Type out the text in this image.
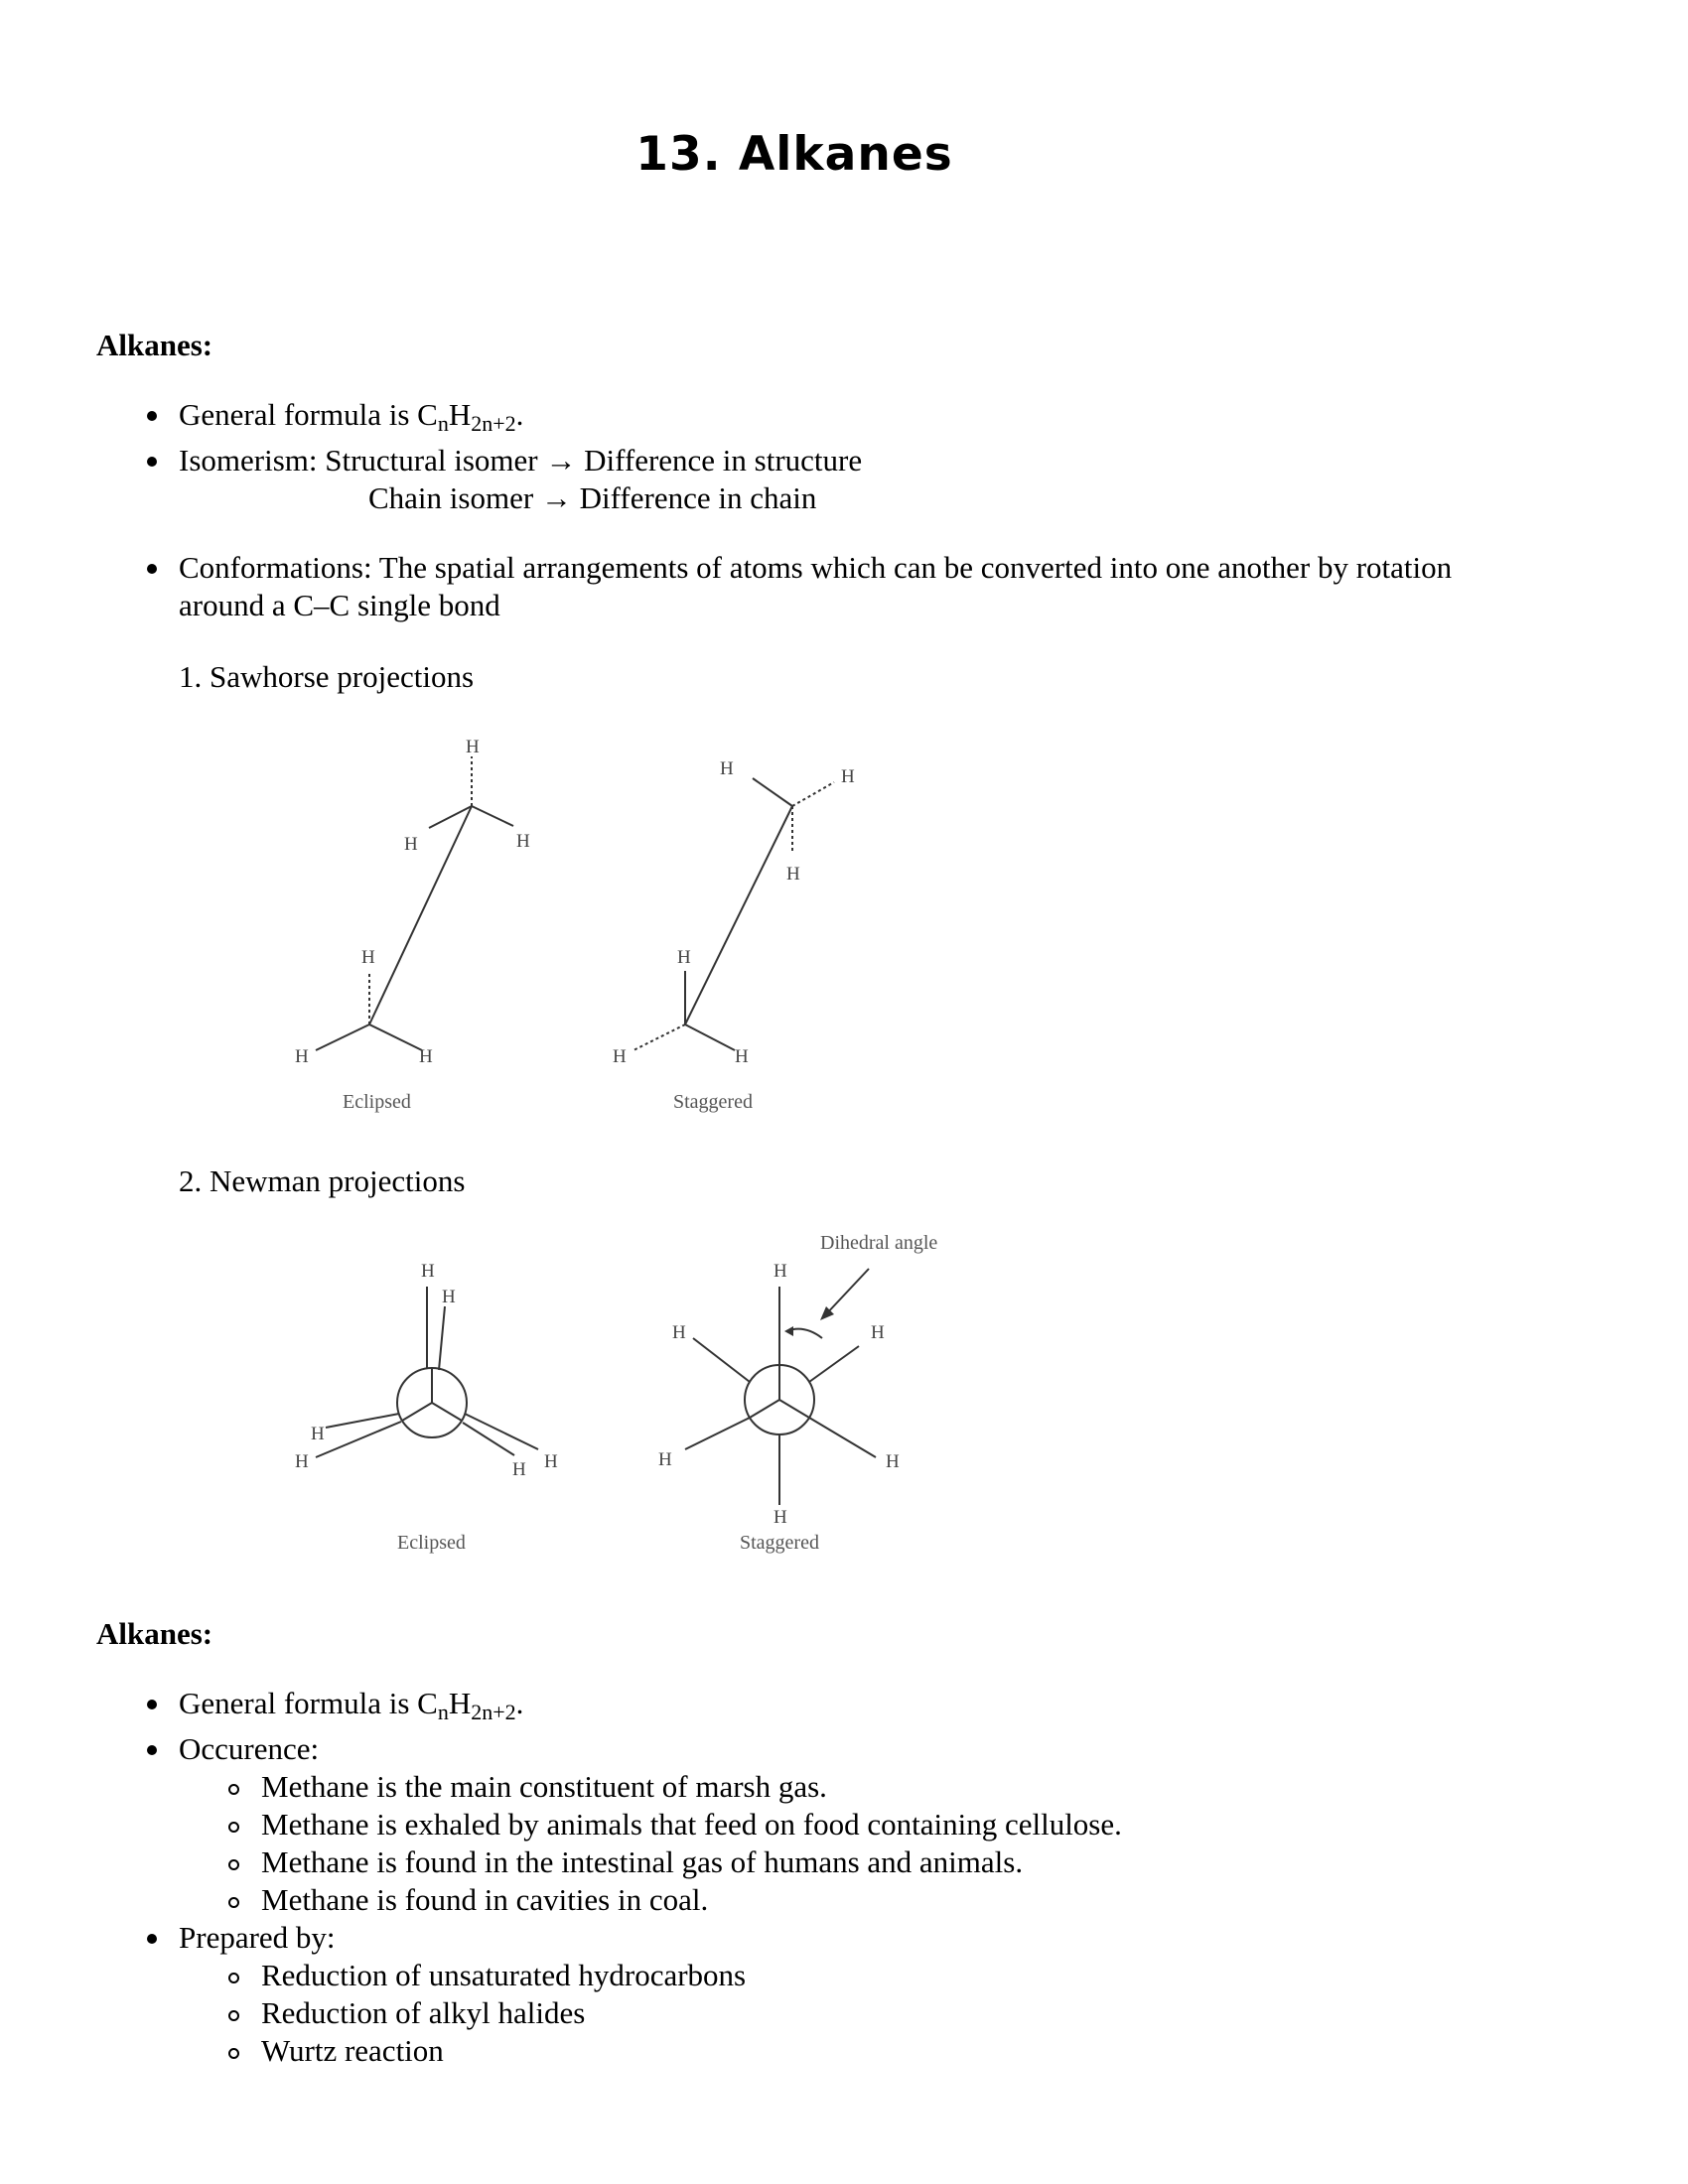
13. Alkanes
Alkanes:
General formula is $C_nH_{2n+2}$.
Isomerism: Structural isomer → Difference in structure
Chain isomer → Difference in chain
Conformations: The spatial arrangements of atoms which can be converted into one another by rotation
around a C–C single bond
1. Sawhorse projections
H
H	H
H
H	H
Eclipsed
H	H
H
H
H	H
Staggered
2. Newman projections
H
H
H
H	H H
Eclipsed
H
H	H
H	H
H
Dihedral angle
Staggered
Alkanes:
General formula is $C_nH_{2n+2}$.
Occurence:
Methane is the main constituent of marsh gas.
Methane is exhaled by animals that feed on food containing cellulose.
Methane is found in the intestinal gas of humans and animals.
Methane is found in cavities in coal.
Prepared by:
Reduction of unsaturated hydrocarbons
Reduction of alkyl halides
Wurtz reaction
